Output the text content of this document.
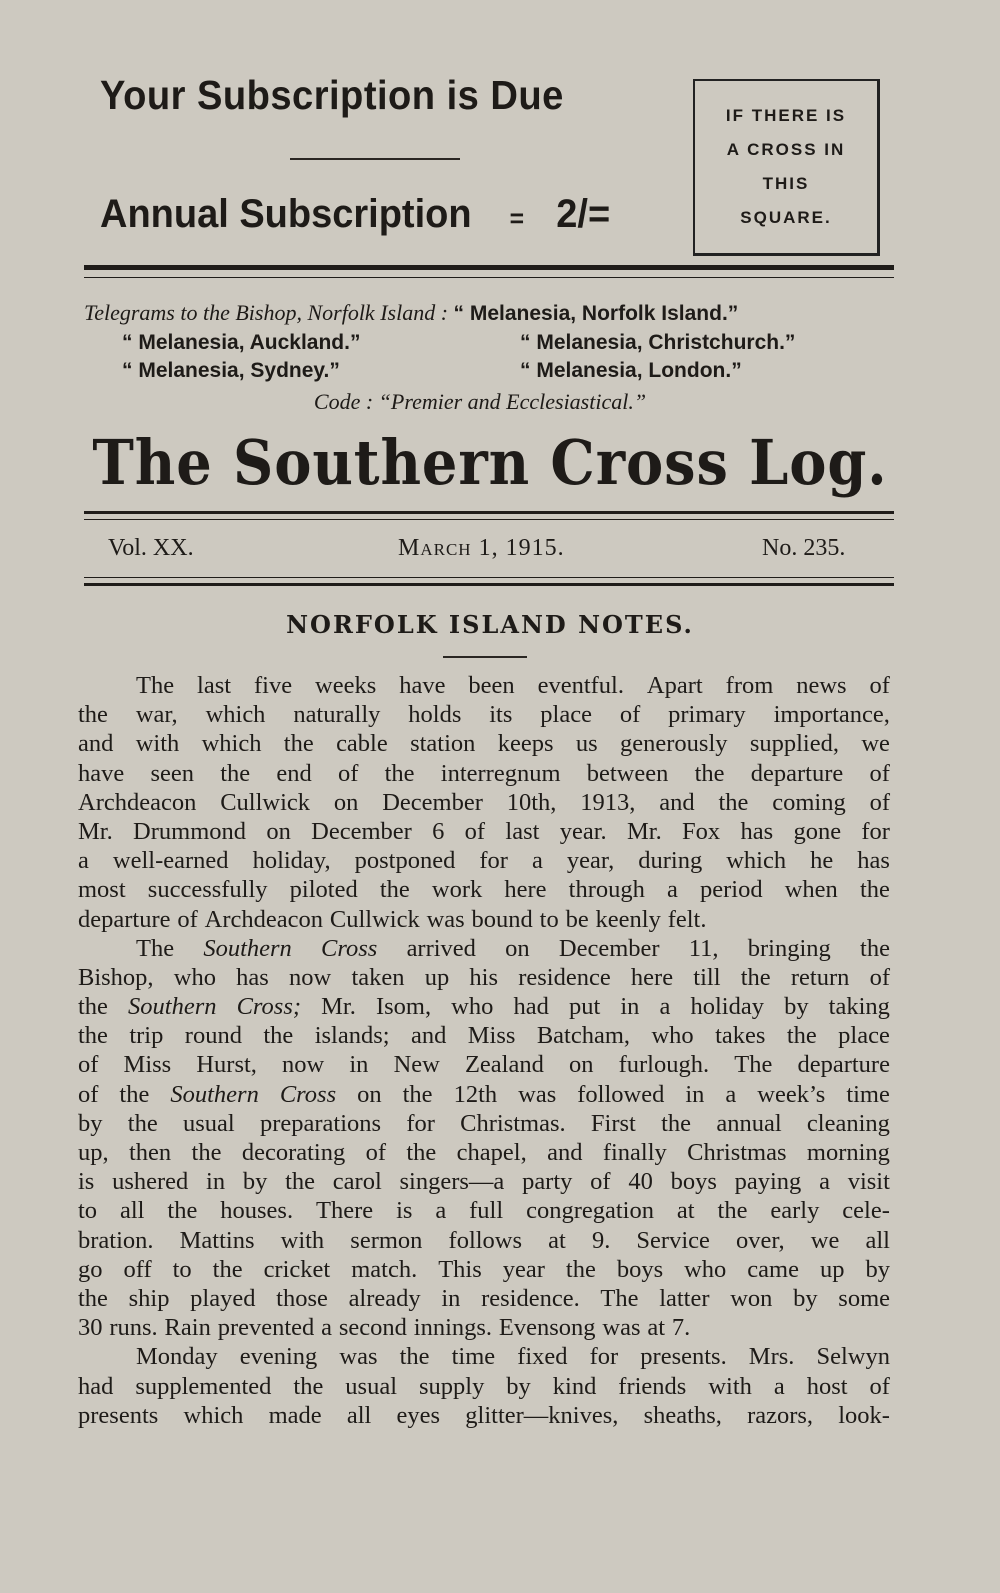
Your Subscription is Due
Annual Subscription = 2/=
IF THERE IS
A CROSS IN
THIS
SQUARE.
Telegrams to the Bishop, Norfolk Island : “ Melanesia, Norfolk Island.”
“ Melanesia, Auckland.”	“ Melanesia, Christchurch.”
“ Melanesia, Sydney.”	“ Melanesia, London.”
Code : “Premier and Ecclesiastical.”
The Southern Cross Log.
Vol. XX.	March 1, 1915.	No. 235.
NORFOLK ISLAND NOTES.
The last five weeks have been eventful. Apart from news of
the war, which naturally holds its place of primary importance,
and with which the cable station keeps us generously supplied, we
have seen the end of the interregnum between the departure of
Archdeacon Cullwick on December 10th, 1913, and the coming of
Mr. Drummond on December 6 of last year. Mr. Fox has gone for
a well-earned holiday, postponed for a year, during which he has
most successfully piloted the work here through a period when the
departure of Archdeacon Cullwick was bound to be keenly felt.
The Southern Cross arrived on December 11, bringing the
Bishop, who has now taken up his residence here till the return of
the Southern Cross; Mr. Isom, who had put in a holiday by taking
the trip round the islands; and Miss Batcham, who takes the place
of Miss Hurst, now in New Zealand on furlough. The departure
of the Southern Cross on the 12th was followed in a week’s time
by the usual preparations for Christmas. First the annual cleaning
up, then the decorating of the chapel, and finally Christmas morning
is ushered in by the carol singers—a party of 40 boys paying a visit
to all the houses. There is a full congregation at the early cele-
bration. Mattins with sermon follows at 9. Service over, we all
go off to the cricket match. This year the boys who came up by
the ship played those already in residence. The latter won by some
30 runs. Rain prevented a second innings. Evensong was at 7.
Monday evening was the time fixed for presents. Mrs. Selwyn
had supplemented the usual supply by kind friends with a host of
presents which made all eyes glitter—knives, sheaths, razors, look-
